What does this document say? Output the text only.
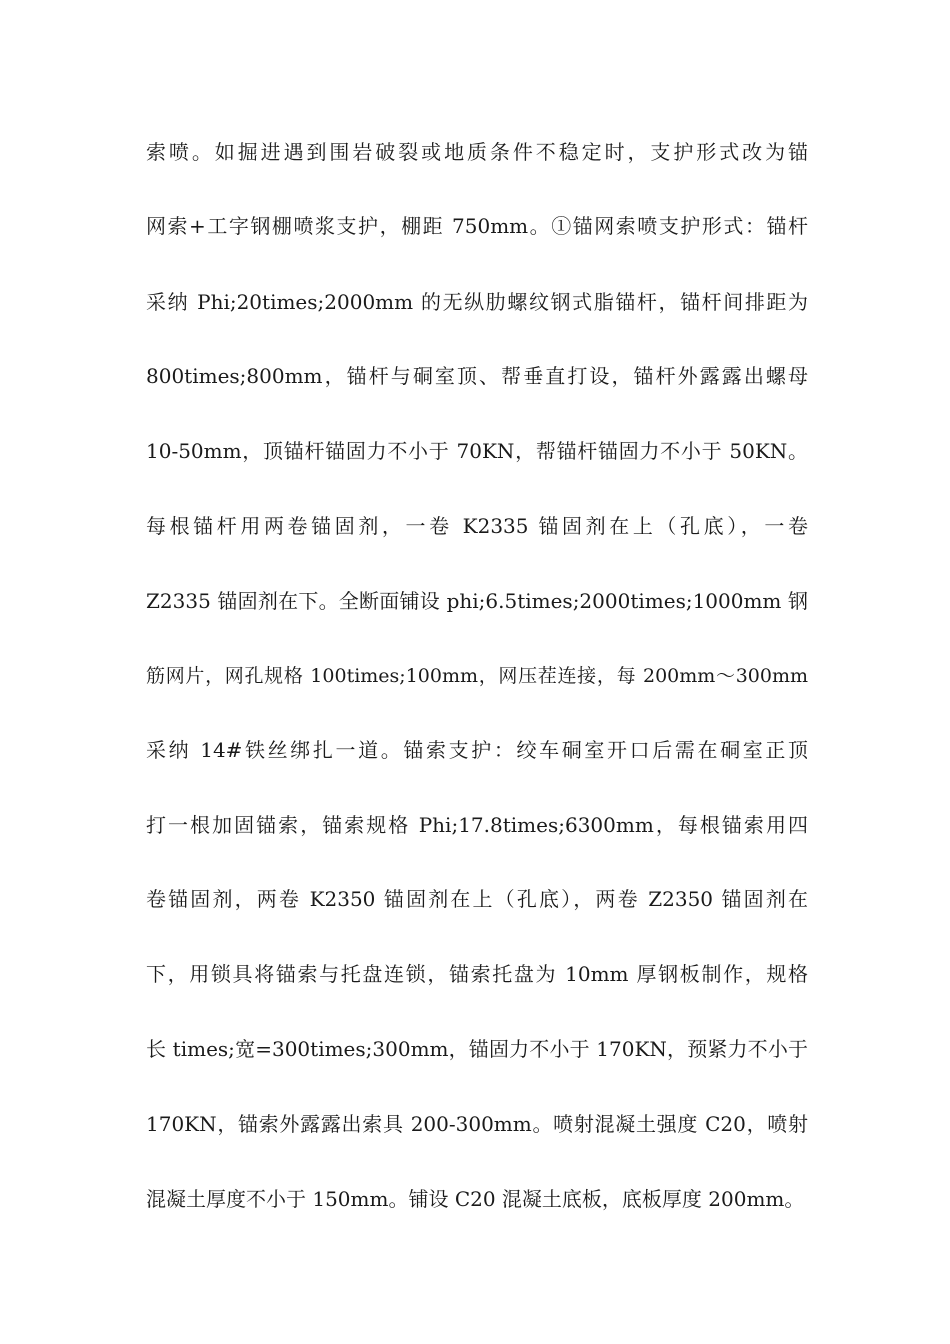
索喷。如掘进遇到围岩破裂或地质条件不稳定时，支护形式改为锚
网索+工字钢棚喷浆支护，棚距 750mm。①锚网索喷支护形式：锚杆
采纳 Phi;20times;2000mm 的无纵肋螺纹钢式脂锚杆，锚杆间排距为
800times;800mm，锚杆与硐室顶、帮垂直打设，锚杆外露露出螺母
10-50mm，顶锚杆锚固力不小于 70KN，帮锚杆锚固力不小于 50KN。
每根锚杆用两卷锚固剂，一卷 K2335 锚固剂在上（孔底），一卷
Z2335 锚固剂在下。全断面铺设 phi;6.5times;2000times;1000mm 钢
筋网片，网孔规格 100times;100mm，网压茬连接，每 200mm～300mm
采纳 14#铁丝绑扎一道。锚索支护：绞车硐室开口后需在硐室正顶
打一根加固锚索，锚索规格 Phi;17.8times;6300mm，每根锚索用四
卷锚固剂，两卷 K2350 锚固剂在上（孔底），两卷 Z2350 锚固剂在
下，用锁具将锚索与托盘连锁，锚索托盘为 10mm 厚钢板制作，规格
长 times;宽=300times;300mm，锚固力不小于 170KN，预紧力不小于
170KN，锚索外露露出索具 200-300mm。喷射混凝土强度 C20，喷射
混凝土厚度不小于 150mm。铺设 C20 混凝土底板，底板厚度 200mm。
